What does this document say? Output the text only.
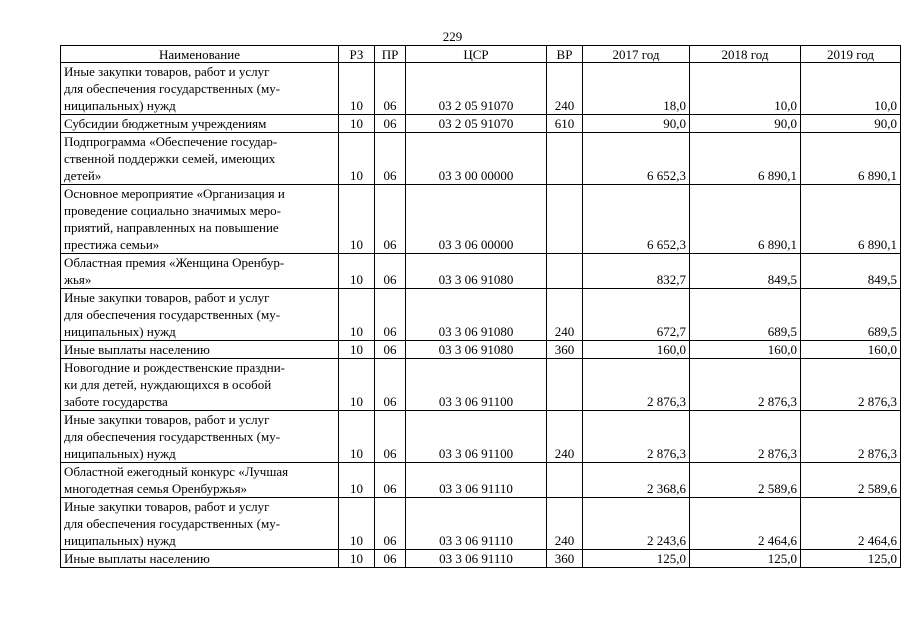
229
Наименование	РЗ	ПР	ЦСР	ВР	2017 год	2018 год	2019 год
Иные закупки товаров, работ и услуг
для обеспечения государственных (му-
ниципальных) нужд	10	06	03 2 05 91070	240	18,0	10,0	10,0
Субсидии бюджетным учреждениям	10	06	03 2 05 91070	610	90,0	90,0	90,0
Подпрограмма «Обеспечение государ-
ственной поддержки семей, имеющих
детей»	10	06	03 3 00 00000		6 652,3	6 890,1	6 890,1
Основное мероприятие «Организация и
проведение социально значимых меро-
приятий, направленных на повышение
престижа семьи»	10	06	03 3 06 00000		6 652,3	6 890,1	6 890,1
Областная премия «Женщина Оренбур-
жья»	10	06	03 3 06 91080		832,7	849,5	849,5
Иные закупки товаров, работ и услуг
для обеспечения государственных (му-
ниципальных) нужд	10	06	03 3 06 91080	240	672,7	689,5	689,5
Иные выплаты населению	10	06	03 3 06 91080	360	160,0	160,0	160,0
Новогодние и рождественские праздни-
ки для детей, нуждающихся в особой
заботе государства	10	06	03 3 06 91100		2 876,3	2 876,3	2 876,3
Иные закупки товаров, работ и услуг
для обеспечения государственных (му-
ниципальных) нужд	10	06	03 3 06 91100	240	2 876,3	2 876,3	2 876,3
Областной ежегодный конкурс «Лучшая
многодетная семья Оренбуржья»	10	06	03 3 06 91110		2 368,6	2 589,6	2 589,6
Иные закупки товаров, работ и услуг
для обеспечения государственных (му-
ниципальных) нужд	10	06	03 3 06 91110	240	2 243,6	2 464,6	2 464,6
Иные выплаты населению	10	06	03 3 06 91110	360	125,0	125,0	125,0
